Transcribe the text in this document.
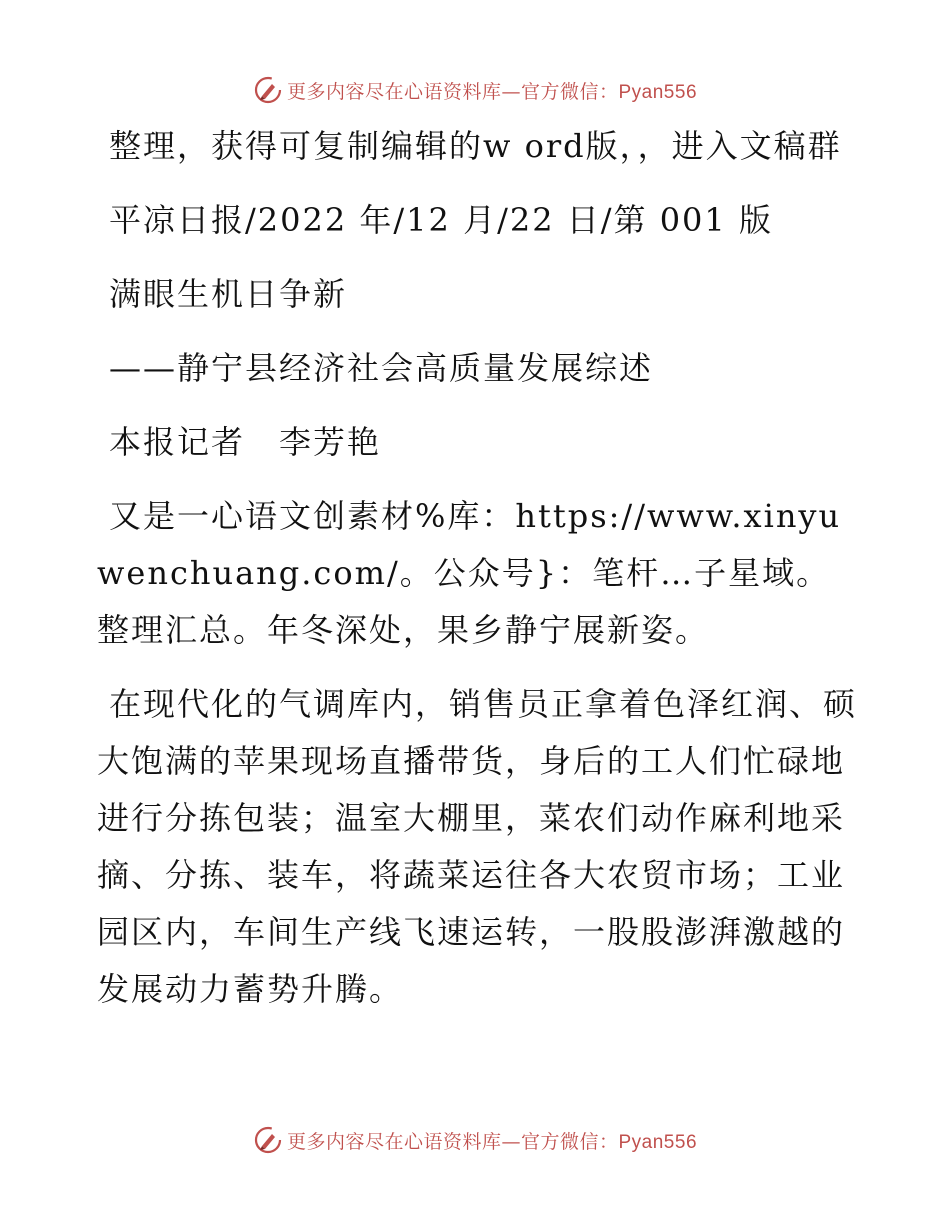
更多内容尽在心语资料库—官方微信：Pyan556

整理，获得可复制编辑的w ord版，，进入文稿群

平凉日报/2022 年/12 月/22 日/第 001 版

满眼生机日争新

——静宁县经济社会高质量发展综述

本报记者　李芳艳

又是一心语文创素材%库：https://www.xinyuwenchuang.com/。公众号}：笔杆…子星域。整理汇总。年冬深处，果乡静宁展新姿。

在现代化的气调库内，销售员正拿着色泽红润、硕大饱满的苹果现场直播带货，身后的工人们忙碌地进行分拣包装；温室大棚里，菜农们动作麻利地采摘、分拣、装车，将蔬菜运往各大农贸市场；工业园区内，车间生产线飞速运转，一股股澎湃激越的发展动力蓄势升腾。

更多内容尽在心语资料库—官方微信：Pyan556
